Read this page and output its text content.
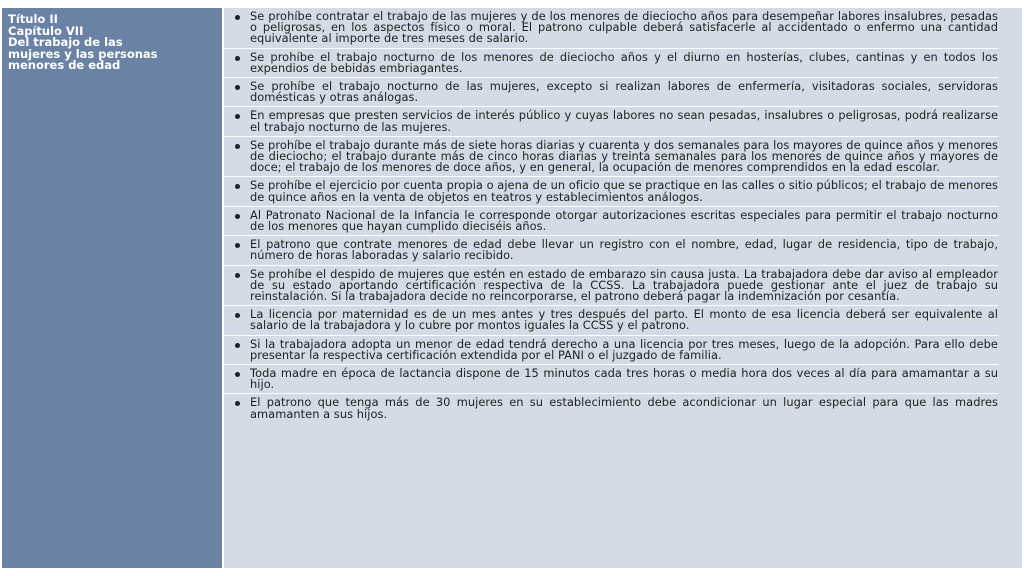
Título II
Capítulo VII
Del trabajo de las
mujeres y las personas
menores de edad
Se prohíbe contratar el trabajo de las mujeres y de los menores de dieciocho años para desempeñar labores insalubres, pesadas o peligrosas, en los aspectos físico o moral. El patrono culpable deberá satisfacerle al accidentado o enfermo una cantidad equivalente al importe de tres meses de salario.
Se prohíbe el trabajo nocturno de los menores de dieciocho años y el diurno en hosterías, clubes, cantinas y en todos los expendios de bebidas embriagantes.
Se prohíbe el trabajo nocturno de las mujeres, excepto si realizan labores de enfermería, visitadoras sociales, servidoras domésticas y otras análogas.
En empresas que presten servicios de interés público y cuyas labores no sean pesadas, insalubres o peligrosas, podrá realizarse el trabajo nocturno de las mujeres.
Se prohíbe el trabajo durante más de siete horas diarias y cuarenta y dos semanales para los mayores de quince años y menores de dieciocho; el trabajo durante más de cinco horas diarias y treinta semanales para los menores de quince años y mayores de doce; el trabajo de los menores de doce años, y en general, la ocupación de menores comprendidos en la edad escolar.
Se prohíbe el ejercicio por cuenta propia o ajena de un oficio que se practique en las calles o sitio públicos; el trabajo de menores de quince años en la venta de objetos en teatros y establecimientos análogos.
Al Patronato Nacional de la Infancia le corresponde otorgar autorizaciones escritas especiales para permitir el trabajo nocturno de los menores que hayan cumplido dieciséis años.
El patrono que contrate menores de edad debe llevar un registro con el nombre, edad, lugar de residencia, tipo de trabajo, número de horas laboradas y salario recibido.
Se prohíbe el despido de mujeres que estén en estado de embarazo sin causa justa. La trabajadora debe dar aviso al empleador de su estado aportando certificación respectiva de la CCSS. La trabajadora puede gestionar ante el juez de trabajo su reinstalación. Si la trabajadora decide no reincorporarse, el patrono deberá pagar la indemnización por cesantía.
La licencia por maternidad es de un mes antes y tres después del parto. El monto de esa licencia deberá ser equivalente al salario de la trabajadora y lo cubre por montos iguales la CCSS y el patrono.
Si la trabajadora adopta un menor de edad tendrá derecho a una licencia por tres meses, luego de la adopción. Para ello debe presentar la respectiva certificación extendida por el PANI o el juzgado de familia.
Toda madre en época de lactancia dispone de 15 minutos cada tres horas o media hora dos veces al día para amamantar a su hijo.
El patrono que tenga más de 30 mujeres en su establecimiento debe acondicionar un lugar especial para que las madres amamanten a sus hijos.
